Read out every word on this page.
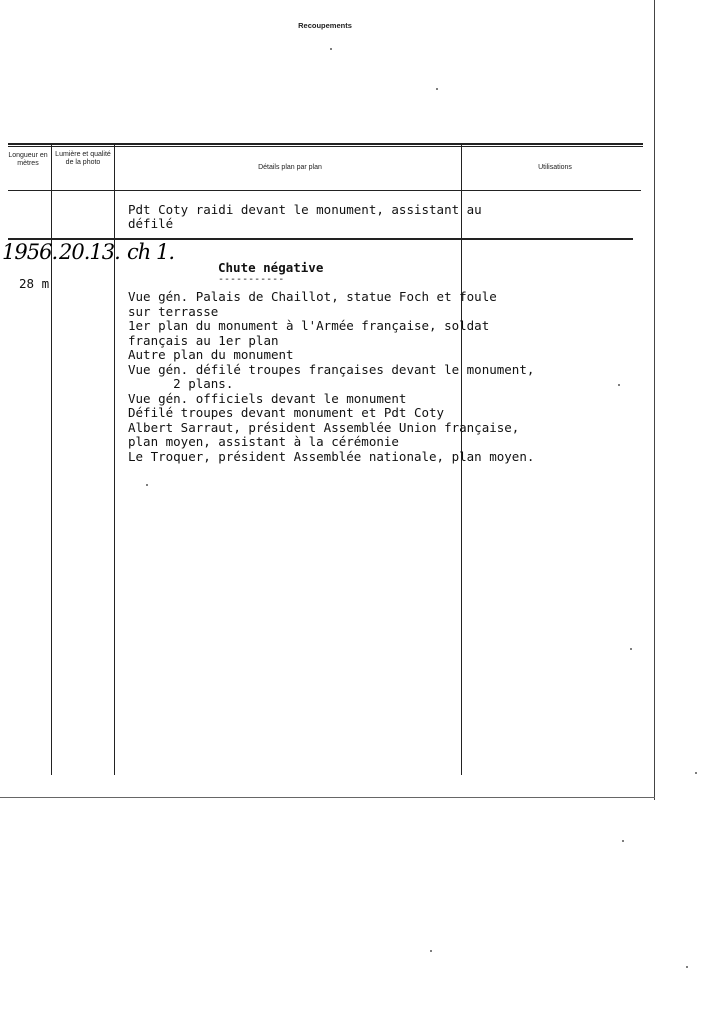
Recoupements
Longueur en mètres
Lumière et qualité de la photo
Détails plan par plan	Utilisations
Pdt Coty raidi devant le monument, assistant au
défilé
1956. 20.13. ch 1.
Chute négative
-----------
28 m
Vue gén. Palais de Chaillot, statue Foch et foule
sur terrasse
1er plan du monument à l'Armée française, soldat
français au 1er plan
Autre plan du monument
Vue gén. défilé troupes françaises devant le monument,
2 plans.
Vue gén. officiels devant le monument
Défilé troupes devant monument et Pdt Coty
Albert Sarraut, président Assemblée Union française,
plan moyen, assistant à la cérémonie
Le Troquer, président Assemblée nationale, plan moyen.
